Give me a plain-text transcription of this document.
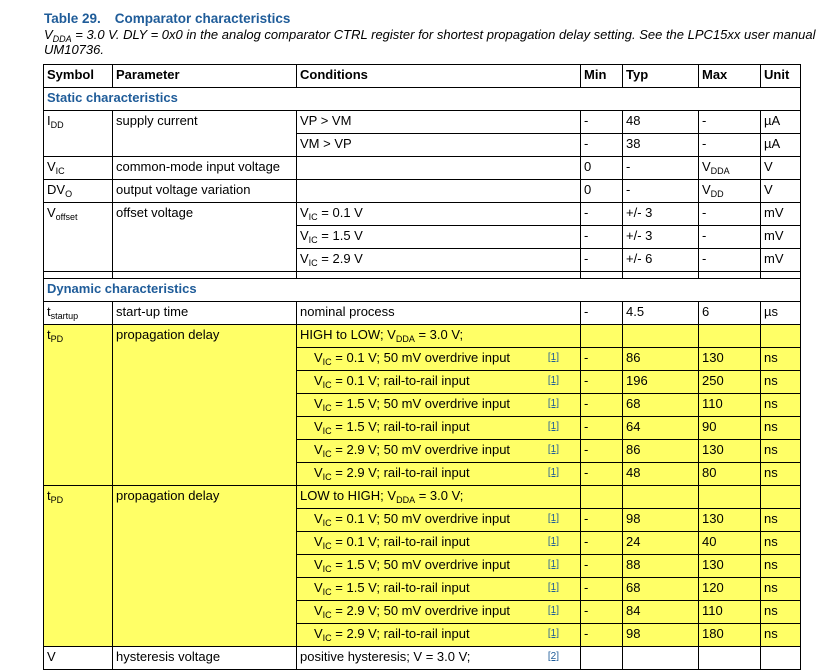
Table 29. Comparator characteristics
$V_{DDA} = 3.0$ V. DLY = 0x0 in the analog comparator CTRL register for shortest propagation delay setting. See the LPC15xx user manual UM10736.
Symbol	Parameter	Conditions	Min	Typ	Max	Unit
Static characteristics						
$I_{DD}$	supply current	VP > VM	-	48	-	µA
		VM > VP	-	38	-	µA
$V_{IC}$	common-mode input voltage		0	-	$V_{DDA}$	V
$DV_O$	output voltage variation		0	-	$V_{DD}$	V
$V_{offset}$	offset voltage	$V_{IC} = 0.1$ V	-	+/- 3	-	mV
		$V_{IC} = 1.5$ V	-	+/- 3	-	mV
		$V_{IC} = 2.9$ V	-	+/- 6	-	mV

Dynamic characteristics						
$t_{startup}$	start-up time	nominal process	-	4.5	6	µs
$t_{PD}$	propagation delay	HIGH to LOW; $V_{DDA} = 3.0$ V;				

		$V_{IC} = 0.1$ V; 50 mV overdrive input [1]	-	86	130	ns

		$V_{IC} = 0.1$ V; rail-to-rail input [1]	-	196	250	ns

		$V_{IC} = 1.5$ V; 50 mV overdrive input [1]	-	68	110	ns

		$V_{IC} = 1.5$ V; rail-to-rail input [1]	-	64	90	ns

		$V_{IC} = 2.9$ V; 50 mV overdrive input [1]	-	86	130	ns

		$V_{IC} = 2.9$ V; rail-to-rail input [1]	-	48	80	ns
$t_{PD}$	propagation delay	LOW to HIGH; $V_{DDA} = 3.0$ V;				

		$V_{IC} = 0.1$ V; 50 mV overdrive input [1]	-	98	130	ns

		$V_{IC} = 0.1$ V; rail-to-rail input [1]	-	24	40	ns

		$V_{IC} = 1.5$ V; 50 mV overdrive input [1]	-	88	130	ns

		$V_{IC} = 1.5$ V; rail-to-rail input [1]	-	68	120	ns

		$V_{IC} = 2.9$ V; 50 mV overdrive input [1]	-	84	110	ns

		$V_{IC} = 2.9$ V; rail-to-rail input [1]	-	98	180	ns
V	hysteresis voltage	positive hysteresis; V = 3.0 V; [2]				
